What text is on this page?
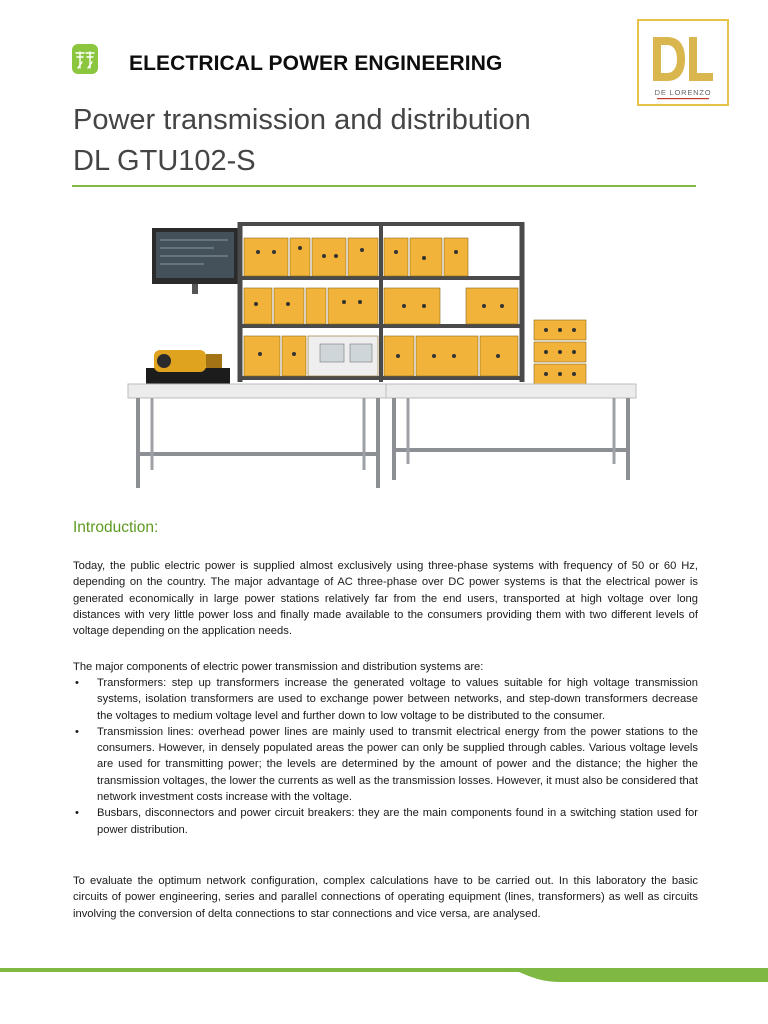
ELECTRICAL POWER ENGINEERING
DE LORENZO
Power transmission and distribution
DL GTU102-S
Introduction:
Today, the public electric power is supplied almost exclusively using three-phase systems with frequency of 50 or 60 Hz, depending on the country. The major advantage of AC three-phase over DC power systems is that the electrical power is generated economically in large power stations relatively far from the end users, transported at high voltage over long distances with very little power loss and finally made available to the consumers providing them with two different levels of voltage depending on the application needs.
The major components of electric power transmission and distribution systems are:
• Transformers: step up transformers increase the generated voltage to values suitable for high voltage transmission systems, isolation transformers are used to exchange power between networks, and step-down transformers decrease the voltages to medium voltage level and further down to low voltage to be distributed to the consumer.
• Transmission lines: overhead power lines are mainly used to transmit electrical energy from the power stations to the consumers. However, in densely populated areas the power can only be supplied through cables. Various voltage levels are used for transmitting power; the levels are determined by the amount of power and the distance; the higher the transmission voltages, the lower the currents as well as the transmission losses. However, it must also be considered that network investment costs increase with the voltage.
• Busbars, disconnectors and power circuit breakers: they are the main components found in a switching station used for power distribution.
To evaluate the optimum network configuration, complex calculations have to be carried out. In this laboratory the basic circuits of power engineering, series and parallel connections of operating equipment (lines, transformers) as well as circuits involving the conversion of delta connections to star connections and vice versa, are analysed.
